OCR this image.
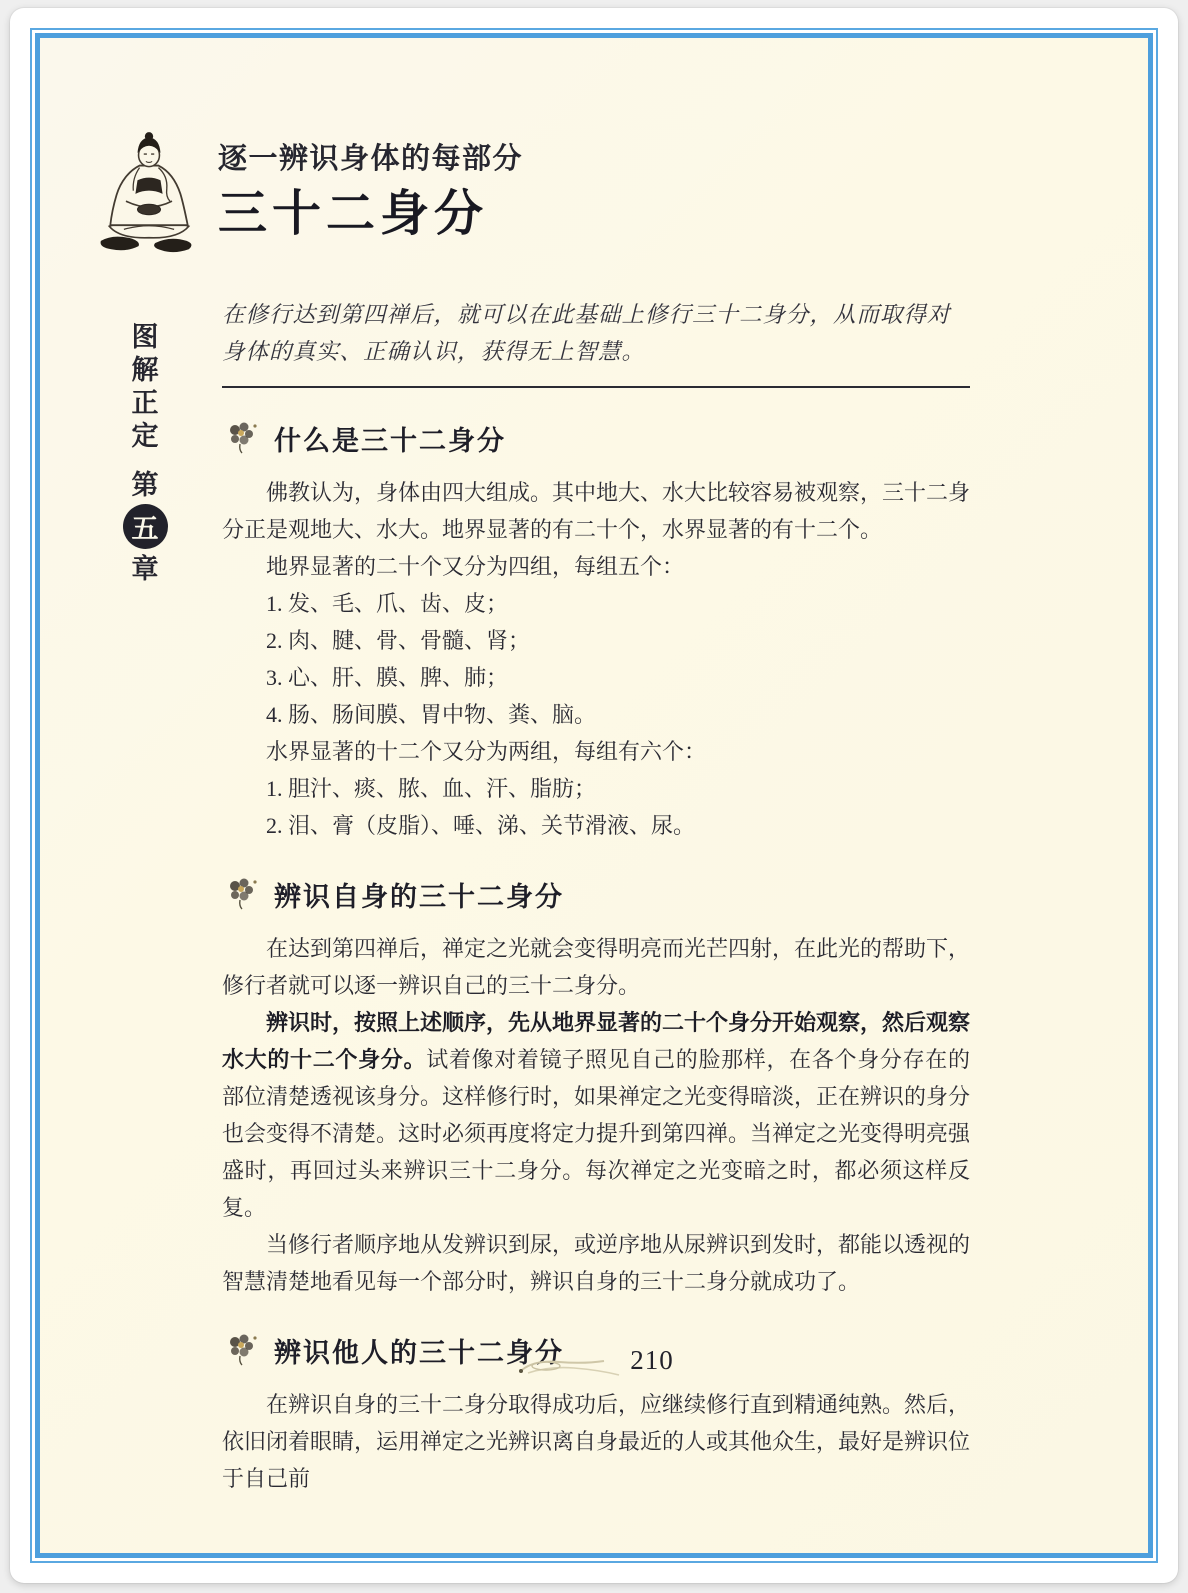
逐一辨识身体的每部分
三十二身分
图
解
正
定
第
五
章

在修行达到第四禅后，就可以在此基础上修行三十二身分，从而取得对身体的真实、正确认识，获得无上智慧。

什么是三十二身分

佛教认为，身体由四大组成。其中地大、水大比较容易被观察，三十二身分正是观地大、水大。地界显著的有二十个，水界显著的有十二个。

地界显著的二十个又分为四组，每组五个：

1. 发、毛、爪、齿、皮；

2. 肉、腱、骨、骨髓、肾；

3. 心、肝、膜、脾、肺；

4. 肠、肠间膜、胃中物、粪、脑。

水界显著的十二个又分为两组，每组有六个：

1. 胆汁、痰、脓、血、汗、脂肪；

2. 泪、膏（皮脂）、唾、涕、关节滑液、尿。

辨识自身的三十二身分

在达到第四禅后，禅定之光就会变得明亮而光芒四射，在此光的帮助下，修行者就可以逐一辨识自己的三十二身分。

辨识时，按照上述顺序，先从地界显著的二十个身分开始观察，然后观察水大的十二个身分。试着像对着镜子照见自己的脸那样，在各个身分存在的部位清楚透视该身分。这样修行时，如果禅定之光变得暗淡，正在辨识的身分也会变得不清楚。这时必须再度将定力提升到第四禅。当禅定之光变得明亮强盛时，再回过头来辨识三十二身分。每次禅定之光变暗之时，都必须这样反复。

当修行者顺序地从发辨识到尿，或逆序地从尿辨识到发时，都能以透视的智慧清楚地看见每一个部分时，辨识自身的三十二身分就成功了。

辨识他人的三十二身分

在辨识自身的三十二身分取得成功后，应继续修行直到精通纯熟。然后，依旧闭着眼睛，运用禅定之光辨识离自身最近的人或其他众生，最好是辨识位于自己前

210
